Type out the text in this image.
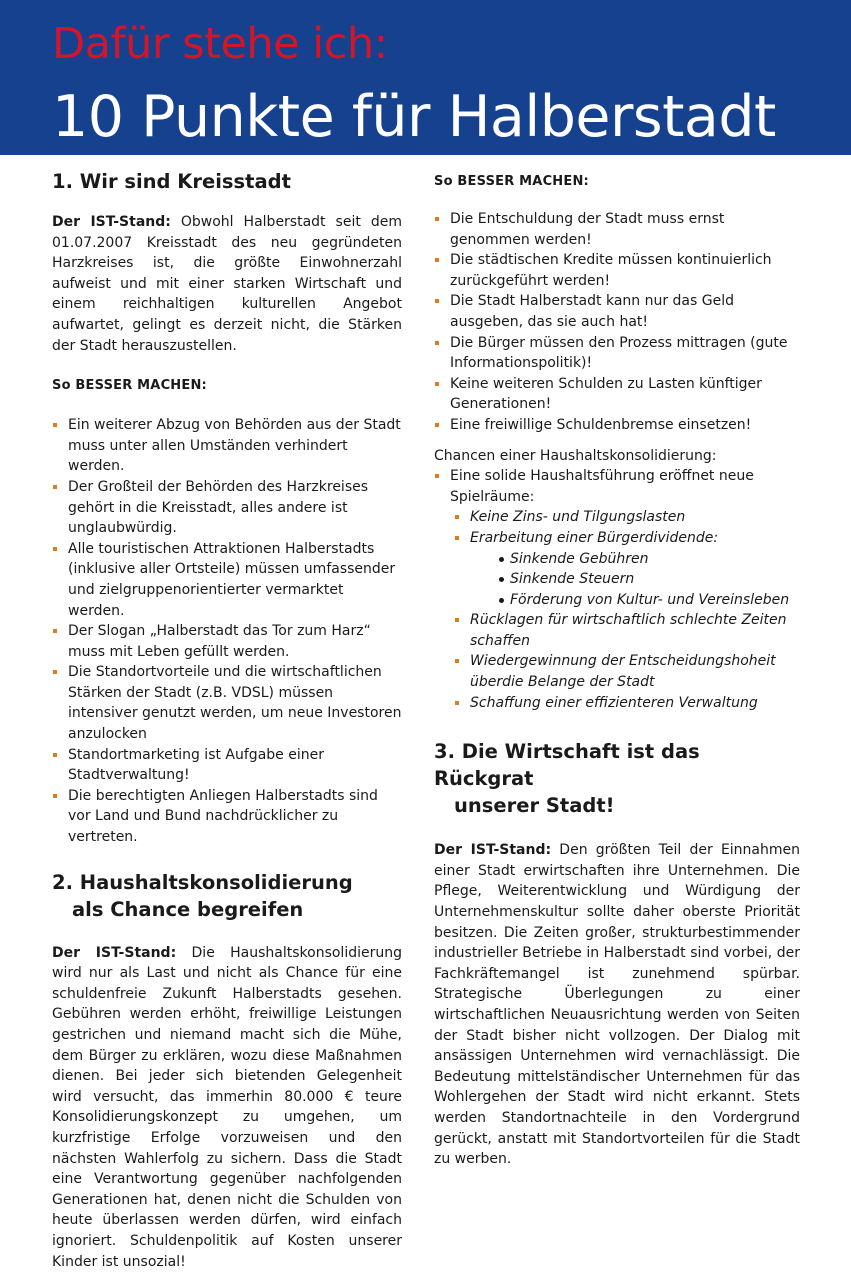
Dafür stehe ich:
10 Punkte für Halberstadt
1. Wir sind Kreisstadt

Der IST-Stand: Obwohl Halberstadt seit dem 01.07.2007 Kreisstadt des neu gegründeten Harzkreises ist, die größte Einwohnerzahl aufweist und mit einer starken Wirtschaft und einem reichhaltigen kulturellen Angebot aufwartet, gelingt es derzeit nicht, die Stärken der Stadt herauszustellen.

So BESSER MACHEN:

Ein weiterer Abzug von Behörden aus der Stadt muss unter allen Umständen verhindert werden.
Der Großteil der Behörden des Harzkreises gehört in die Kreisstadt, alles andere ist unglaubwürdig.
Alle touristischen Attraktionen Halberstadts (inklusive aller Ortsteile) müssen umfassender und zielgruppenorientierter vermarktet werden.
Der Slogan „Halberstadt das Tor zum Harz“ muss mit Leben gefüllt werden.
Die Standortvorteile und die wirtschaftlichen Stärken der Stadt (z.B. VDSL) müssen intensiver genutzt werden, um neue Investoren anzulocken
Standortmarketing ist Aufgabe einer Stadtverwaltung!
Die berechtigten Anliegen Halberstadts sind vor Land und Bund nachdrücklicher zu vertreten.
2. Haushaltskonsolidierung
als Chance begreifen

Der IST-Stand: Die Haushaltskonsolidierung wird nur als Last und nicht als Chance für eine schuldenfreie Zukunft Halberstadts gesehen. Gebühren werden erhöht, freiwillige Leistungen gestrichen und niemand macht sich die Mühe, dem Bürger zu erklären, wozu diese Maßnahmen dienen. Bei jeder sich bietenden Gelegenheit wird versucht, das immerhin 80.000 € teure Konsolidierungskonzept zu umgehen, um kurzfristige Erfolge vorzuweisen und den nächsten Wahlerfolg zu sichern. Dass die Stadt eine Verantwortung gegenüber nachfolgenden Generationen hat, denen nicht die Schulden von heute überlassen werden dürfen, wird einfach ignoriert. Schuldenpolitik auf Kosten unserer Kinder ist unsozial!

So BESSER MACHEN:

Die Entschuldung der Stadt muss ernst genommen werden!
Die städtischen Kredite müssen kontinuierlich zurückgeführt werden!
Die Stadt Halberstadt kann nur das Geld ausgeben, das sie auch hat!
Die Bürger müssen den Prozess mittragen (gute Informationspolitik)!
Keine weiteren Schulden zu Lasten künftiger Generationen!
Eine freiwillige Schuldenbremse einsetzen!

Chancen einer Haushaltskonsolidierung:

Eine solide Haushaltsführung eröffnet neue Spielräume:
Keine Zins- und Tilgungslasten
Erarbeitung einer Bürgerdividende:
Sinkende Gebühren
Sinkende Steuern
Förderung von Kultur- und Vereinsleben
Rücklagen für wirtschaftlich schlechte Zeiten schaffen
Wiedergewinnung der Entscheidungshoheit überdie Belange der Stadt
Schaffung einer effizienteren Verwaltung
3. Die Wirtschaft ist das Rückgrat
unserer Stadt!

Der IST-Stand: Den größten Teil der Einnahmen einer Stadt erwirtschaften ihre Unternehmen. Die Pflege, Weiterentwicklung und Würdigung der Unternehmenskultur sollte daher oberste Priorität besitzen. Die Zeiten großer, strukturbestimmender industrieller Betriebe in Halberstadt sind vorbei, der Fachkräftemangel ist zunehmend spürbar. Strategische Überlegungen zu einer wirtschaftlichen Neuausrichtung werden von Seiten der Stadt bisher nicht vollzogen. Der Dialog mit ansässigen Unternehmen wird vernachlässigt. Die Bedeutung mittelständischer Unternehmen für das Wohlergehen der Stadt wird nicht erkannt. Stets werden Standortnachteile in den Vordergrund gerückt, anstatt mit Standortvorteilen für die Stadt zu werben.
